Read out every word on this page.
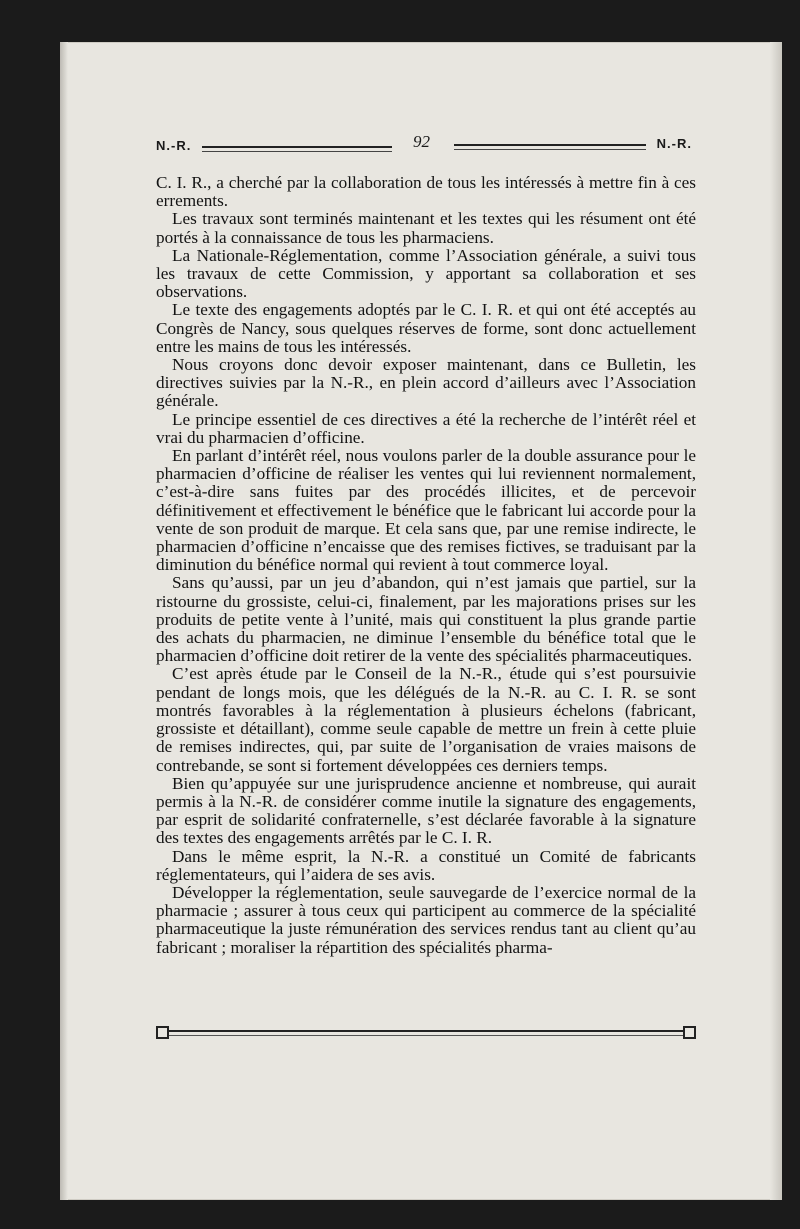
N.-R.	92	N.-R.

C. I. R., a cherché par la collaboration de tous les intéressés à mettre fin à ces errements.

Les travaux sont terminés maintenant et les textes qui les résument ont été portés à la connaissance de tous les pharmaciens.

La Nationale-Réglementation, comme l’Association générale, a suivi tous les travaux de cette Commission, y apportant sa collaboration et ses observations.

Le texte des engagements adoptés par le C. I. R. et qui ont été acceptés au Congrès de Nancy, sous quelques réserves de forme, sont donc actuellement entre les mains de tous les intéressés.

Nous croyons donc devoir exposer maintenant, dans ce Bulletin, les directives suivies par la N.-R., en plein accord d’ailleurs avec l’Association générale.

Le principe essentiel de ces directives a été la recherche de l’intérêt réel et vrai du pharmacien d’officine.

En parlant d’intérêt réel, nous voulons parler de la double assurance pour le pharmacien d’officine de réaliser les ventes qui lui reviennent normalement, c’est-à-dire sans fuites par des procédés illicites, et de percevoir définitivement et effectivement le bénéfice que le fabricant lui accorde pour la vente de son produit de marque. Et cela sans que, par une remise indirecte, le pharmacien d’officine n’encaisse que des remises fictives, se traduisant par la diminution du bénéfice normal qui revient à tout commerce loyal.

Sans qu’aussi, par un jeu d’abandon, qui n’est jamais que partiel, sur la ristourne du grossiste, celui-ci, finalement, par les majorations prises sur les produits de petite vente à l’unité, mais qui constituent la plus grande partie des achats du pharmacien, ne diminue l’ensemble du bénéfice total que le pharmacien d’officine doit retirer de la vente des spécialités pharmaceutiques.

C’est après étude par le Conseil de la N.-R., étude qui s’est poursuivie pendant de longs mois, que les délégués de la N.-R. au C. I. R. se sont montrés favorables à la réglementation à plusieurs échelons (fabricant, grossiste et détaillant), comme seule capable de mettre un frein à cette pluie de remises indirectes, qui, par suite de l’organisation de vraies maisons de contrebande, se sont si fortement développées ces derniers temps.

Bien qu’appuyée sur une jurisprudence ancienne et nombreuse, qui aurait permis à la N.-R. de considérer comme inutile la signature des engagements, par esprit de solidarité confraternelle, s’est déclarée favorable à la signature des textes des engagements arrêtés par le C. I. R.

Dans le même esprit, la N.-R. a constitué un Comité de fabricants réglementateurs, qui l’aidera de ses avis.

Développer la réglementation, seule sauvegarde de l’exercice normal de la pharmacie ; assurer à tous ceux qui participent au commerce de la spécialité pharmaceutique la juste rémunération des services rendus tant au client qu’au fabricant ; moraliser la répartition des spécialités pharma-
